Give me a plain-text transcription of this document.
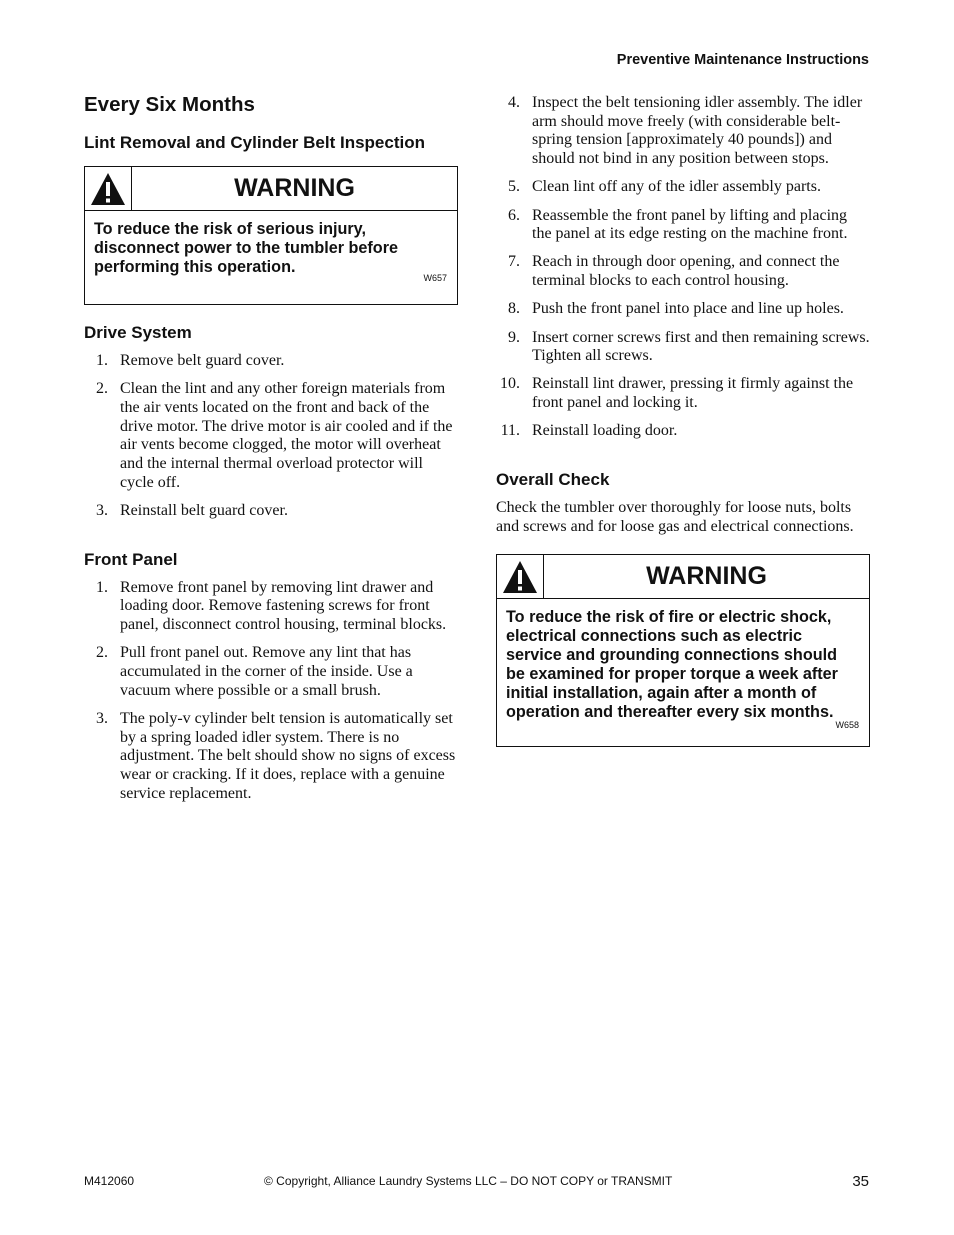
Preventive Maintenance Instructions
Every Six Months
Lint Removal and Cylinder Belt Inspection
WARNING
To reduce the risk of serious injury, disconnect power to the tumbler before performing this operation.
W657
Drive System
1. Remove belt guard cover.
2. Clean the lint and any other foreign materials from the air vents located on the front and back of the drive motor. The drive motor is air cooled and if the air vents become clogged, the motor will overheat and the internal thermal overload protector will cycle off.
3. Reinstall belt guard cover.
Front Panel
1. Remove front panel by removing lint drawer and loading door. Remove fastening screws for front panel, disconnect control housing, terminal blocks.
2. Pull front panel out. Remove any lint that has accumulated in the corner of the inside. Use a vacuum where possible or a small brush.
3. The poly-v cylinder belt tension is automatically set by a spring loaded idler system. There is no adjustment. The belt should show no signs of excess wear or cracking. If it does, replace with a genuine service replacement.
4. Inspect the belt tensioning idler assembly. The idler arm should move freely (with considerable belt-spring tension [approximately 40 pounds]) and should not bind in any position between stops.
5. Clean lint off any of the idler assembly parts.
6. Reassemble the front panel by lifting and placing the panel at its edge resting on the machine front.
7. Reach in through door opening, and connect the terminal blocks to each control housing.
8. Push the front panel into place and line up holes.
9. Insert corner screws first and then remaining screws. Tighten all screws.
10. Reinstall lint drawer, pressing it firmly against the front panel and locking it.
11. Reinstall loading door.
Overall Check

Check the tumbler over thoroughly for loose nuts, bolts and screws and for loose gas and electrical connections.

WARNING
To reduce the risk of fire or electric shock, electrical connections such as electric service and grounding connections should be examined for proper torque a week after initial installation, again after a month of operation and thereafter every six months.
W658
M412060	© Copyright, Alliance Laundry Systems LLC – DO NOT COPY or TRANSMIT	35
